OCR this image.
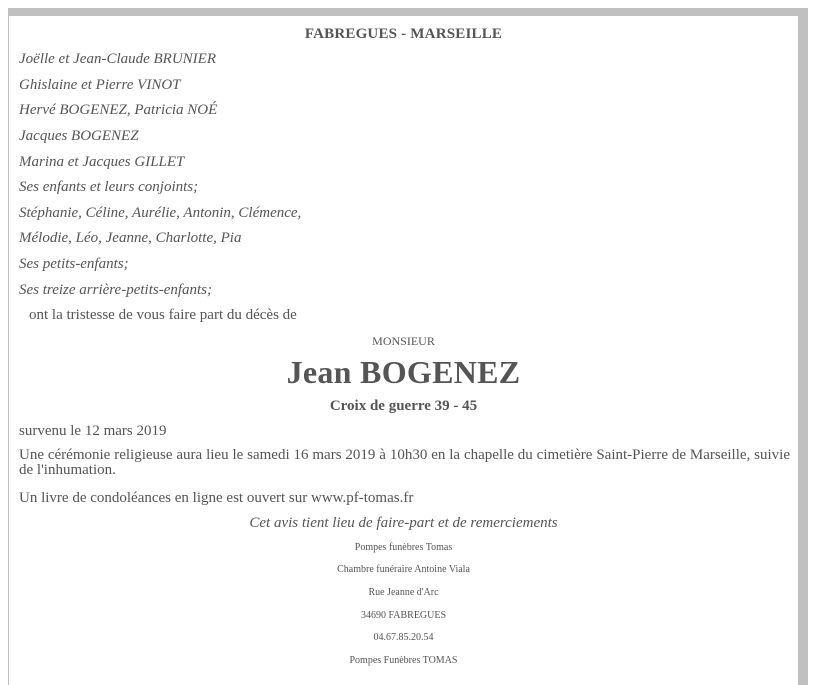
FABREGUES - MARSEILLE

Joëlle et Jean-Claude BRUNIER

Ghislaine et Pierre VINOT

Hervé BOGENEZ, Patricia NOÉ

Jacques BOGENEZ

Marina et Jacques GILLET

Ses enfants et leurs conjoints;

Stéphanie, Céline, Aurélie, Antonin, Clémence,

Mélodie, Léo, Jeanne, Charlotte, Pia

Ses petits-enfants;

Ses treize arrière-petits-enfants;

ont la tristesse de vous faire part du décès de

MONSIEUR

Jean BOGENEZ

Croix de guerre 39 - 45

survenu le 12 mars 2019

Une cérémonie religieuse aura lieu le samedi 16 mars 2019 à 10h30 en la chapelle du cimetière Saint-Pierre de Marseille, suivie de l'inhumation.

Un livre de condoléances en ligne est ouvert sur www.pf-tomas.fr

Cet avis tient lieu de faire-part et de remerciements

Pompes funèbres Tomas

Chambre funéraire Antoine Viala

Rue Jeanne d'Arc

34690 FABREGUES

04.67.85.20.54

Pompes Funèbres TOMAS
